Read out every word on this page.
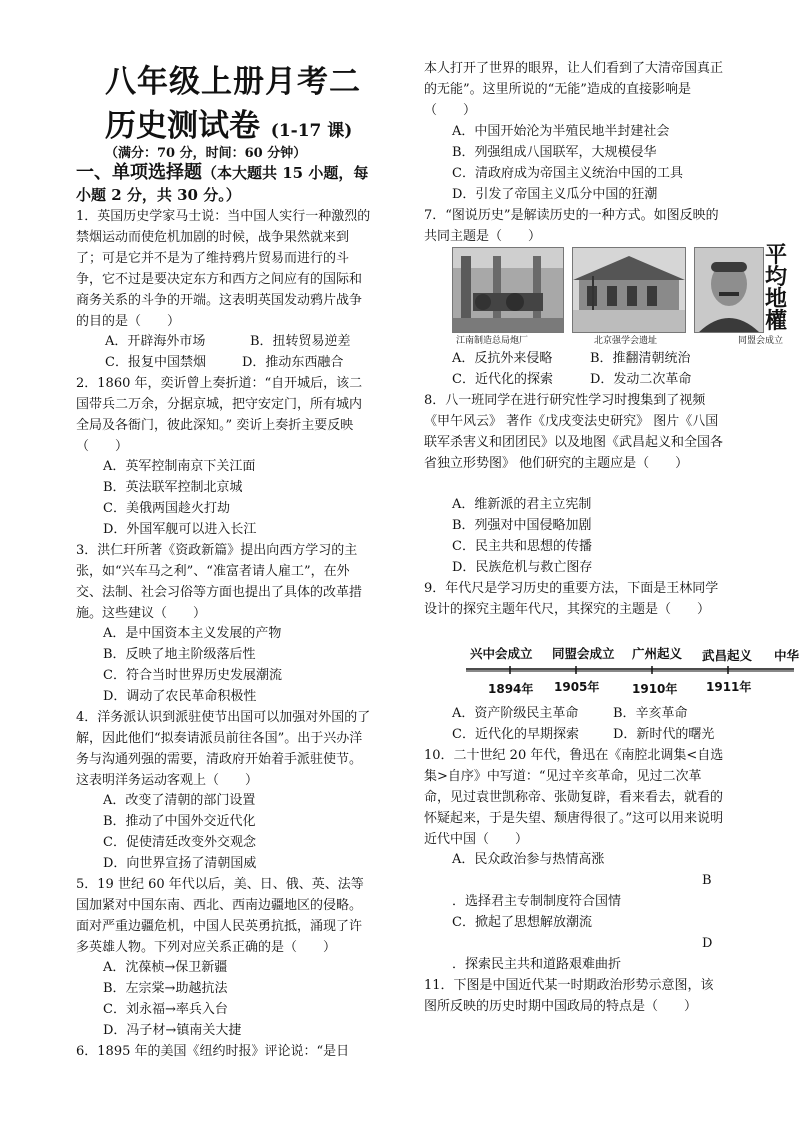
八年级上册月考二
历史测试卷 (1-17 课)
（满分：70 分，时间：60 分钟）
一、单项选择题（本大题共 15 小题，每小题 2 分，共 30 分。）
1．英国历史学家马士说：当中国人实行一种激烈的禁烟运动而使危机加剧的时候，战争果然就来到了；可是它并不是为了维持鸦片贸易而进行的斗争，它不过是要决定东方和西方之间应有的国际和商务关系的斗争的开端。这表明英国发动鸦片战争的目的是（　　）
A．开辟海外市场	B．扭转贸易逆差
C．报复中国禁烟	D．推动东西融合
2．1860 年，奕䜣曾上奏折道：“自开城后，该二国带兵二万余，分据京城，把守安定门，所有城内全局及各衙门，彼此深知。” 奕䜣上奏折主要反映（　　）
A．英军控制南京下关江面
B．英法联军控制北京城
C．美俄两国趁火打劫
D．外国军舰可以进入长江
3．洪仁玕所著《资政新篇》提出向西方学习的主张，如“兴车马之利”、“准富者请人雇工”，在外交、法制、社会习俗等方面也提出了具体的改革措施。这些建议（　　）
A．是中国资本主义发展的产物
B．反映了地主阶级落后性
C．符合当时世界历史发展潮流
D．调动了农民革命积极性
4．洋务派认识到派驻使节出国可以加强对外国的了解，因此他们“拟奏请派员前往各国”。出于兴办洋务与沟通列强的需要，清政府开始着手派驻使节。这表明洋务运动客观上（　　）
A．改变了清朝的部门设置
B．推动了中国外交近代化
C．促使清廷改变外交观念
D．向世界宣扬了清朝国威
5．19 世纪 60 年代以后，美、日、俄、英、法等国加紧对中国东南、西北、西南边疆地区的侵略。面对严重边疆危机，中国人民英勇抗抵，涌现了许多英雄人物。下列对应关系正确的是（　　）
A．沈葆桢→保卫新疆
B．左宗棠→助越抗法
C．刘永福→率兵入台
D．冯子材→镇南关大捷
6．1895 年的美国《纽约时报》评论说：“是日
本人打开了世界的眼界，让人们看到了大清帝国真正的无能”。这里所说的“无能”造成的直接影响是（　　）
A．中国开始沦为半殖民地半封建社会
B．列强组成八国联军，大规模侵华
C．清政府成为帝国主义统治中国的工具
D．引发了帝国主义瓜分中国的狂潮
7．“图说历史”是解读历史的一种方式。如图反映的共同主题是（　　）
江南制造总局炮厂	北京强学会遗址
平均地權
同盟会成立
A．反抗外来侵略	B．推翻清朝统治
C．近代化的探索	D．发动二次革命
8．八一班同学在进行研究性学习时搜集到了视频《甲午风云》 著作《戊戌变法史研究》 图片《八国联军杀害义和团团民》以及地图《武昌起义和全国各省独立形势图》 他们研究的主题应是（　　）
A．维新派的君主立宪制
B．列强对中国侵略加剧
C．民主共和思想的传播
D．民族危机与救亡图存
9．年代尺是学习历史的重要方法，下面是王林同学设计的探究主题年代尺，其探究的主题是（　　）
兴中会成立 同盟会成立 广州起义 武昌起义 中华
1894年 1905年	1910年 1911年
A．资产阶级民主革命	B．辛亥革命
C．近代化的早期探索	D．新时代的曙光
10．二十世纪 20 年代，鲁迅在《南腔北调集<自选集>自序》中写道：“见过辛亥革命，见过二次革命，见过袁世凯称帝、张勋复辟，看来看去，就看的怀疑起来，于是失望、颓唐得很了。”这可以用来说明近代中国（　　）
A．民众政治参与热情高涨
B
．选择君主专制制度符合国情
C．掀起了思想解放潮流
D
．探索民主共和道路艰难曲折
11．下图是中国近代某一时期政治形势示意图，该图所反映的历史时期中国政局的特点是（　　）
